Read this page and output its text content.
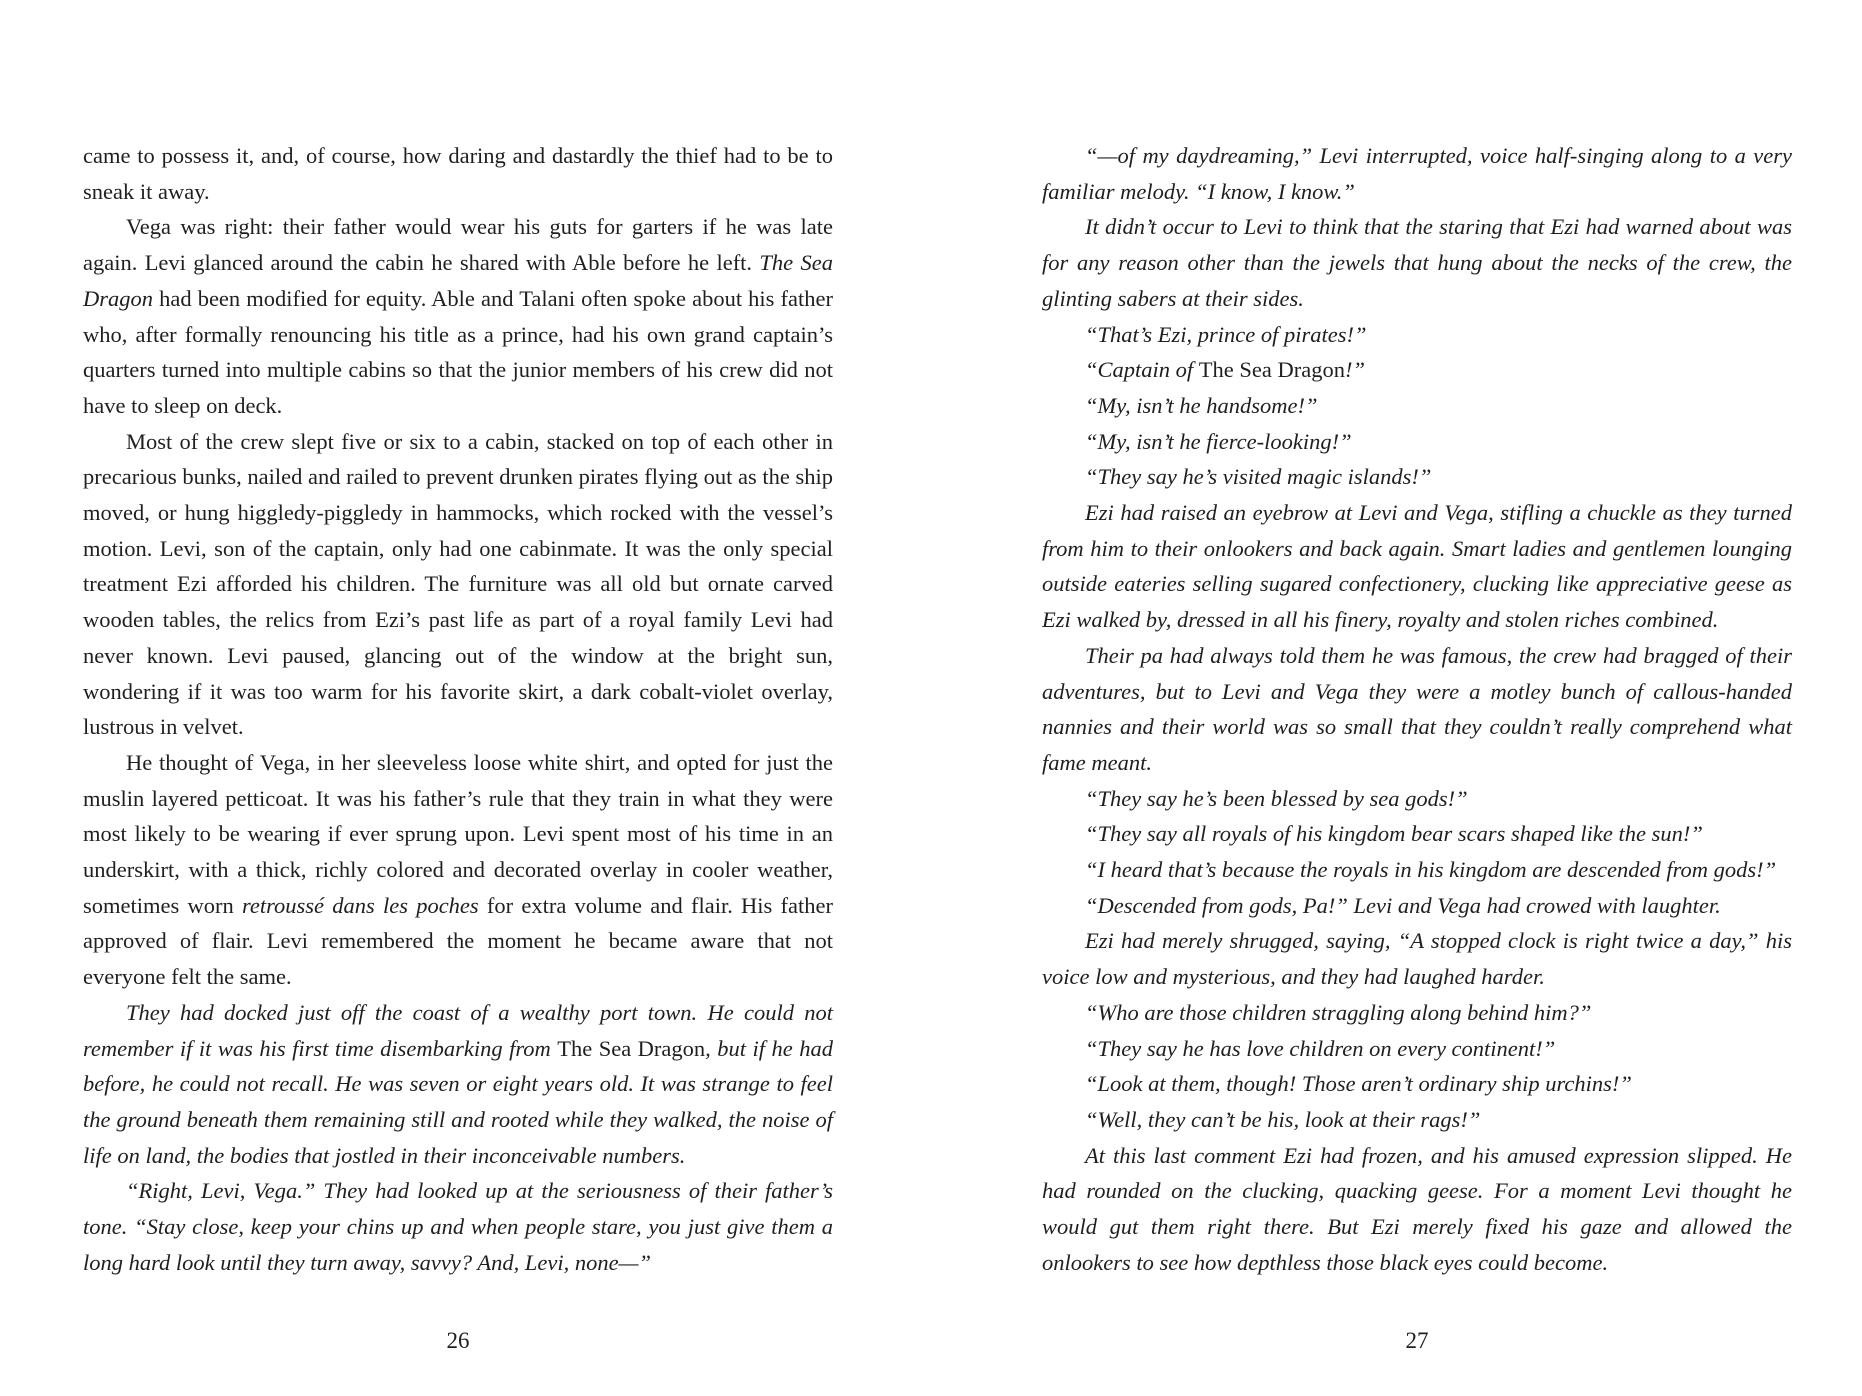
came to possess it, and, of course, how daring and dastardly the thief had to be to sneak it away.

Vega was right: their father would wear his guts for garters if he was late again. Levi glanced around the cabin he shared with Able before he left. The Sea Dragon had been modified for equity. Able and Talani often spoke about his father who, after formally renouncing his title as a prince, had his own grand captain’s quarters turned into multiple cabins so that the junior members of his crew did not have to sleep on deck.

Most of the crew slept five or six to a cabin, stacked on top of each other in precarious bunks, nailed and railed to prevent drunken pirates flying out as the ship moved, or hung higgledy-piggledy in hammocks, which rocked with the vessel’s motion. Levi, son of the captain, only had one cabinmate. It was the only special treatment Ezi afforded his children. The furniture was all old but ornate carved wooden tables, the relics from Ezi’s past life as part of a royal family Levi had never known. Levi paused, glancing out of the window at the bright sun, wondering if it was too warm for his favorite skirt, a dark cobalt-violet overlay, lustrous in velvet.

He thought of Vega, in her sleeveless loose white shirt, and opted for just the muslin layered petticoat. It was his father’s rule that they train in what they were most likely to be wearing if ever sprung upon. Levi spent most of his time in an underskirt, with a thick, richly colored and decorated overlay in cooler weather, sometimes worn retroussé dans les poches for extra volume and flair. His father approved of flair. Levi remembered the moment he became aware that not everyone felt the same.

They had docked just off the coast of a wealthy port town. He could not remember if it was his first time disembarking from The Sea Dragon, but if he had before, he could not recall. He was seven or eight years old. It was strange to feel the ground beneath them remaining still and rooted while they walked, the noise of life on land, the bodies that jostled in their inconceivable numbers.

“Right, Levi, Vega.” They had looked up at the seriousness of their father’s tone. “Stay close, keep your chins up and when people stare, you just give them a long hard look until they turn away, savvy? And, Levi, none—”

26

“—of my daydreaming,” Levi interrupted, voice half-singing along to a very familiar melody. “I know, I know.”

It didn’t occur to Levi to think that the staring that Ezi had warned about was for any reason other than the jewels that hung about the necks of the crew, the glinting sabers at their sides.

“That’s Ezi, prince of pirates!”

“Captain of The Sea Dragon!”

“My, isn’t he handsome!”

“My, isn’t he fierce-looking!”

“They say he’s visited magic islands!”

Ezi had raised an eyebrow at Levi and Vega, stifling a chuckle as they turned from him to their onlookers and back again. Smart ladies and gentlemen lounging outside eateries selling sugared confectionery, clucking like appreciative geese as Ezi walked by, dressed in all his finery, royalty and stolen riches combined.

Their pa had always told them he was famous, the crew had bragged of their adventures, but to Levi and Vega they were a motley bunch of callous-handed nannies and their world was so small that they couldn’t really comprehend what fame meant.

“They say he’s been blessed by sea gods!”

“They say all royals of his kingdom bear scars shaped like the sun!”

“I heard that’s because the royals in his kingdom are descended from gods!”

“Descended from gods, Pa!” Levi and Vega had crowed with laughter.

Ezi had merely shrugged, saying, “A stopped clock is right twice a day,” his voice low and mysterious, and they had laughed harder.

“Who are those children straggling along behind him?”

“They say he has love children on every continent!”

“Look at them, though! Those aren’t ordinary ship urchins!”

“Well, they can’t be his, look at their rags!”

At this last comment Ezi had frozen, and his amused expression slipped. He had rounded on the clucking, quacking geese. For a moment Levi thought he would gut them right there. But Ezi merely fixed his gaze and allowed the onlookers to see how depthless those black eyes could become.

27
